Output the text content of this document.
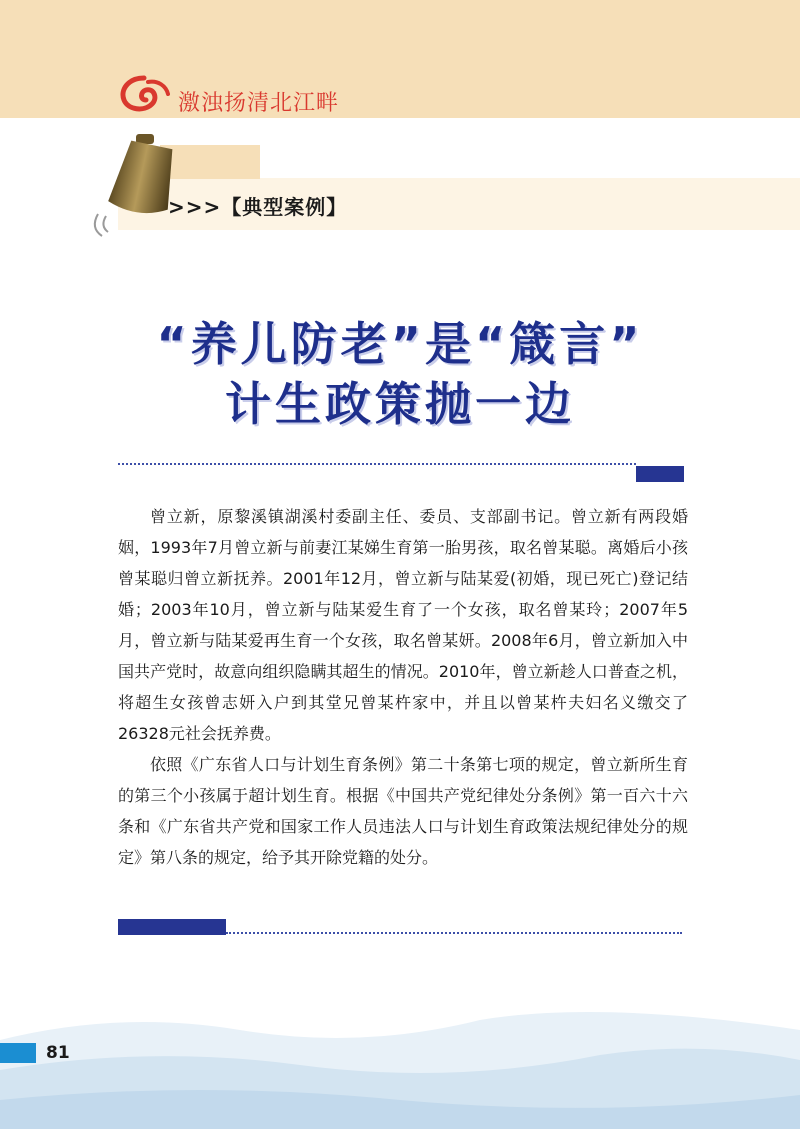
激浊扬清北江畔
>>>【典型案例】
“养儿防老”是“箴言”
计生政策抛一边

曾立新，原黎溪镇湖溪村委副主任、委员、支部副书记。曾立新有两段婚姻，1993年7月曾立新与前妻江某娣生育第一胎男孩，取名曾某聪。离婚后小孩曾某聪归曾立新抚养。2001年12月，曾立新与陆某爱(初婚，现已死亡)登记结婚；2003年10月，曾立新与陆某爱生育了一个女孩，取名曾某玲；2007年5月，曾立新与陆某爱再生育一个女孩，取名曾某妍。2008年6月，曾立新加入中国共产党时，故意向组织隐瞒其超生的情况。2010年，曾立新趁人口普查之机，将超生女孩曾志妍入户到其堂兄曾某杵家中，并且以曾某杵夫妇名义缴交了26328元社会抚养费。

依照《广东省人口与计划生育条例》第二十条第七项的规定，曾立新所生育的第三个小孩属于超计划生育。根据《中国共产党纪律处分条例》第一百六十六条和《广东省共产党和国家工作人员违法人口与计划生育政策法规纪律处分的规定》第八条的规定，给予其开除党籍的处分。

81
